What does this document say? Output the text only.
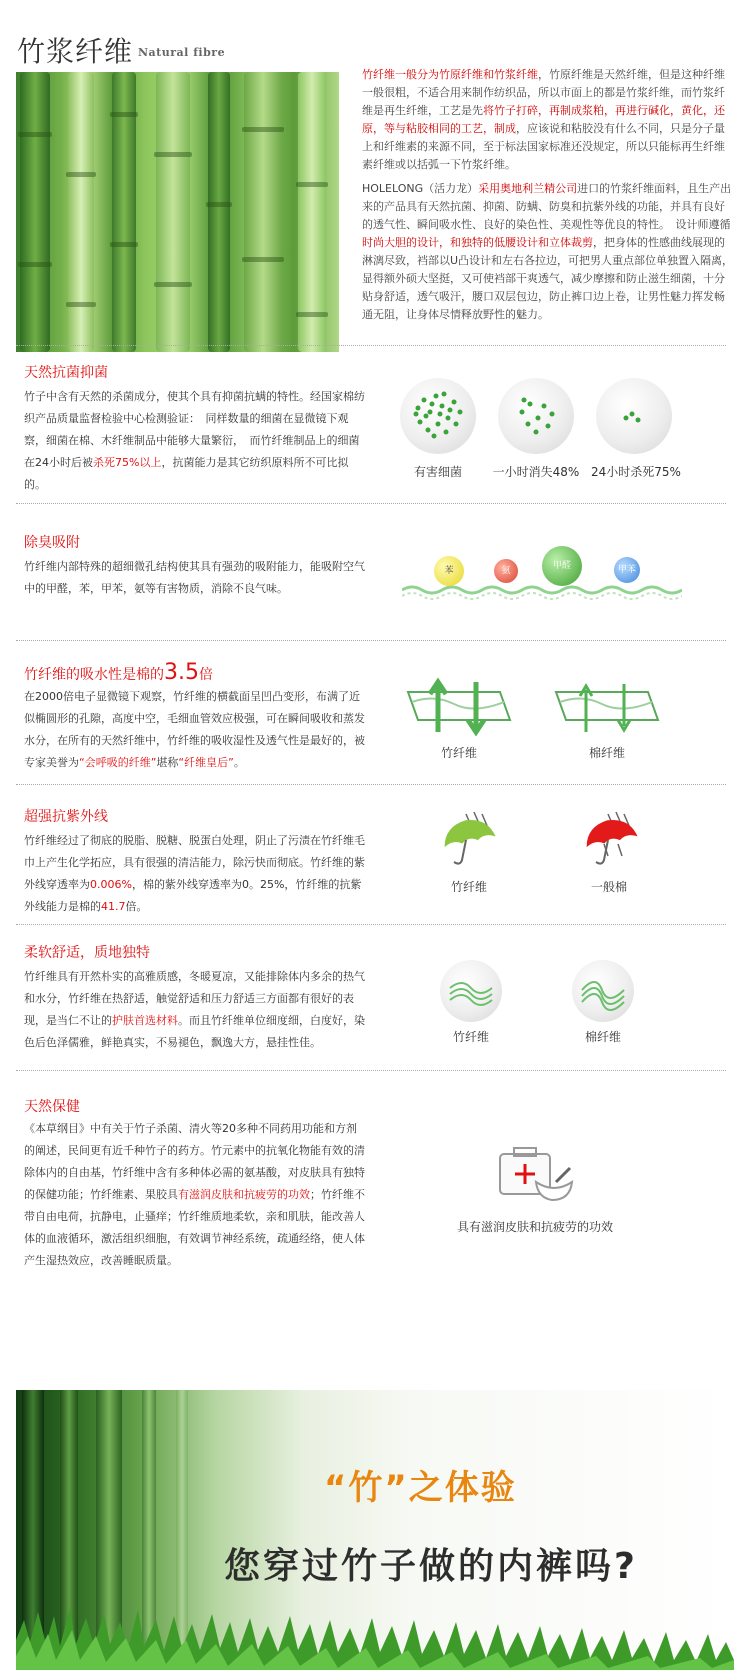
竹浆纤维 Natural fibre
竹纤维一般分为竹原纤维和竹浆纤维，竹原纤维是天然纤维，但是这种纤维一般很粗，不适合用来制作纺织品，所以市面上的都是竹浆纤维，而竹浆纤维是再生纤维，工艺是先将竹子打碎，再制成浆粕，再进行碱化，黄化，还原，等与粘胶相同的工艺，制成，应该说和粘胶没有什么不同，只是分子量上和纤维素的来源不同，至于标法国家标准还没规定，所以只能标再生纤维素纤维或以括弧一下竹浆纤维。
HOLELONG（活力龙）采用奥地利兰精公司进口的竹浆纤维面料，且生产出来的产品具有天然抗菌、抑菌、防螨、防臭和抗紫外线的功能，并具有良好的透气性、瞬间吸水性、良好的染色性、美观性等优良的特性。　设计师遵循时尚大胆的设计，和独特的低腰设计和立体裁剪，把身体的性感曲线展现的淋漓尽致，裆部以U凸设计和左右各拉边，可把男人重点部位单独置入隔离，显得额外硕大坚挺，又可使裆部干爽透气，减少摩擦和防止滋生细菌，十分贴身舒适，透气吸汗，腰口双层包边，防止裤口边上卷，让男性魅力挥发畅通无阻，让身体尽情释放野性的魅力。
天然抗菌抑菌
竹子中含有天然的杀菌成分，使其个具有抑菌抗螨的特性。经国家棉纺织产品质量监督检验中心检测验证：　同样数量的细菌在显微镜下观察，细菌在棉、木纤维制品中能够大量繁衍，　而竹纤维制品上的细菌在24小时后被杀死75%以上，抗菌能力是其它纺织原料所不可比拟的。
有害细菌	一小时消失48% 24小时杀死75%
除臭吸附
竹纤维内部特殊的超细微孔结构使其具有强劲的吸附能力，能吸附空气中的甲醛，苯，甲苯，氨等有害物质，消除不良气味。
苯	氨	甲醛	甲苯
竹纤维的吸水性是棉的3.5倍
在2000倍电子显微镜下观察，竹纤维的横截面呈凹凸变形，布满了近似椭圆形的孔隙，高度中空，毛细血管效应极强，可在瞬间吸收和蒸发水分，在所有的天然纤维中，竹纤维的吸收湿性及透气性是最好的，被专家美誉为“会呼吸的纤维”堪称“纤维皇后”。
竹纤维	棉纤维
超强抗紫外线
竹纤维经过了彻底的脱脂、脱糖、脱蛋白处理，阴止了污渍在竹纤维毛巾上产生化学拓应，具有很强的清洁能力，除污快而彻底。竹纤维的紫外线穿透率为0.006%，棉的紫外线穿透率为0。25%，竹纤维的抗紫外线能力是棉的41.7倍。
竹纤维	一般棉
柔软舒适，质地独特
竹纤维具有开然朴实的高雅质感，冬暖夏凉，又能排除体内多余的热气和水分，竹纤维在热舒适，触觉舒适和压力舒适三方面都有很好的表现，是当仁不让的护肤首选材料。而且竹纤维单位细度细，白度好，染色后色泽儒雅，鲜艳真实，不易褪色，飘逸大方，悬挂性佳。	竹纤维	棉纤维
天然保健
《本草纲目》中有关于竹子杀菌、清火等20多种不同药用功能和方剂的阐述，民间更有近千种竹子的药方。竹元素中的抗氧化物能有效的清除体内的自由基，竹纤维中含有多种体必需的氨基酸，对皮肤具有独特的保健功能；竹纤维素、果胶具有滋润皮肤和抗疲劳的功效；竹纤维不带自由电荷，抗静电，止骚痒；竹纤维质地柔软，亲和肌肤，能改善人体的血液循环，激活组织细胞，有效调节神经系统，疏通经络，使人体产生湿热效应，改善睡眠质量。
具有滋润皮肤和抗疲劳的功效
“竹”之体验
您穿过竹子做的内裤吗?
